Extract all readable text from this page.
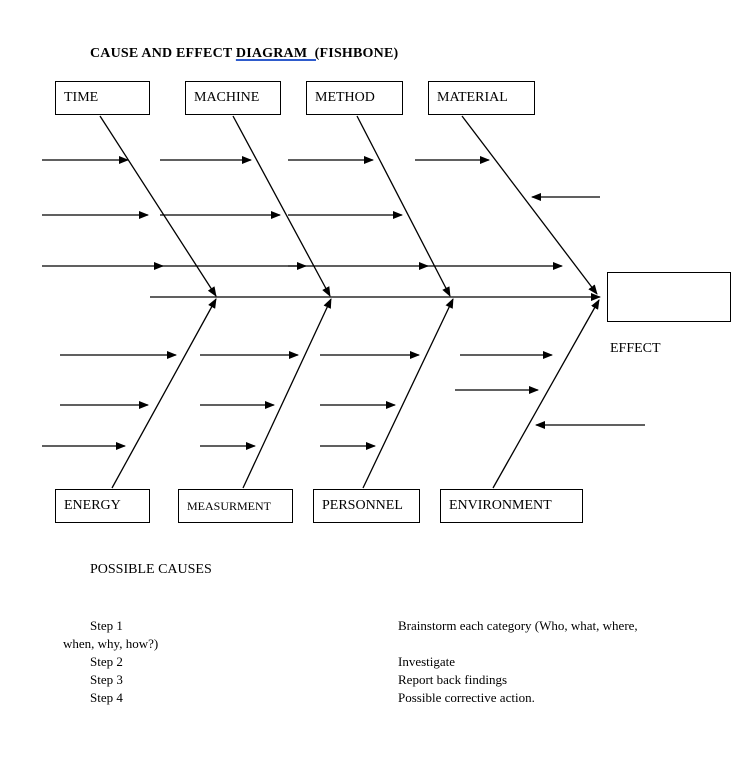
CAUSE AND EFFECT DIAGRAM  (FISHBONE)
TIME	MACHINE	METHOD	MATERIAL
ENERGY	MEASURMENT	PERSONNEL	ENVIRONMENT
EFFECT
POSSIBLE CAUSES
Step 1	Brainstorm each category (Who, what, where,
when, why, how?)
Step 2	Investigate
Step 3	Report back findings
Step 4	Possible corrective action.
